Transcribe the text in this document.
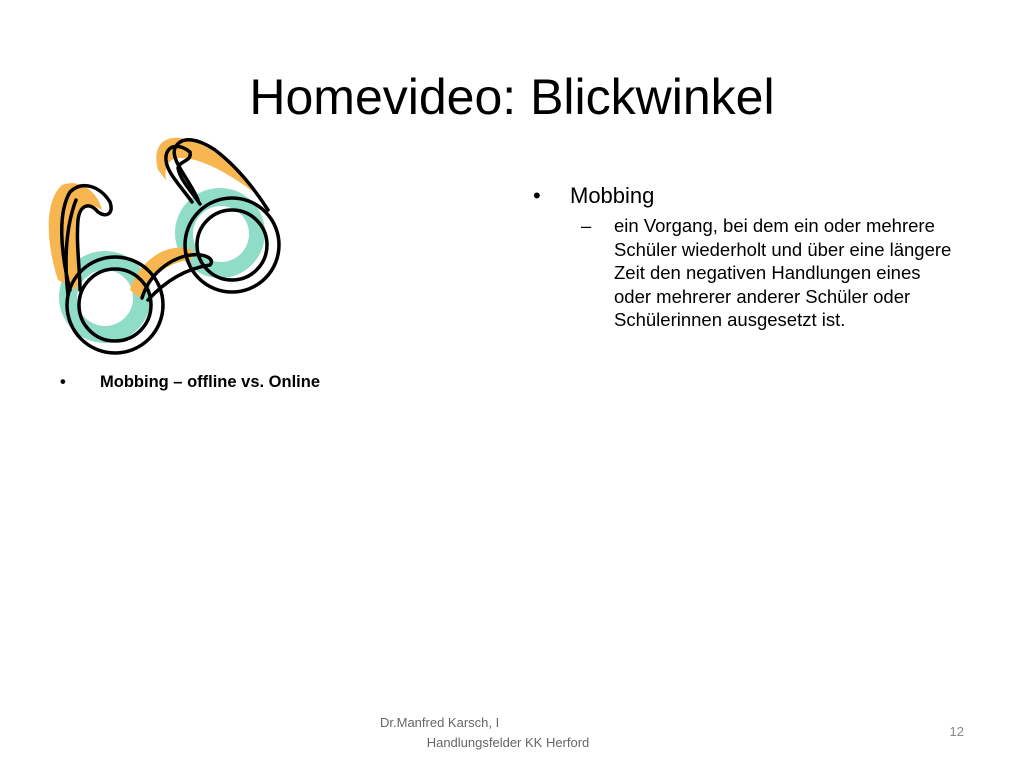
Homevideo: Blickwinkel
•	Mobbing – offline vs. Online
•	Mobbing
–	ein Vorgang, bei dem ein oder mehrere Schüler wiederholt und über eine längere Zeit den negativen Handlungen eines oder mehrerer anderer Schüler oder Schülerinnen ausgesetzt ist.
Dr.Manfred Karsch, I
Handlungsfelder KK Herford
12
